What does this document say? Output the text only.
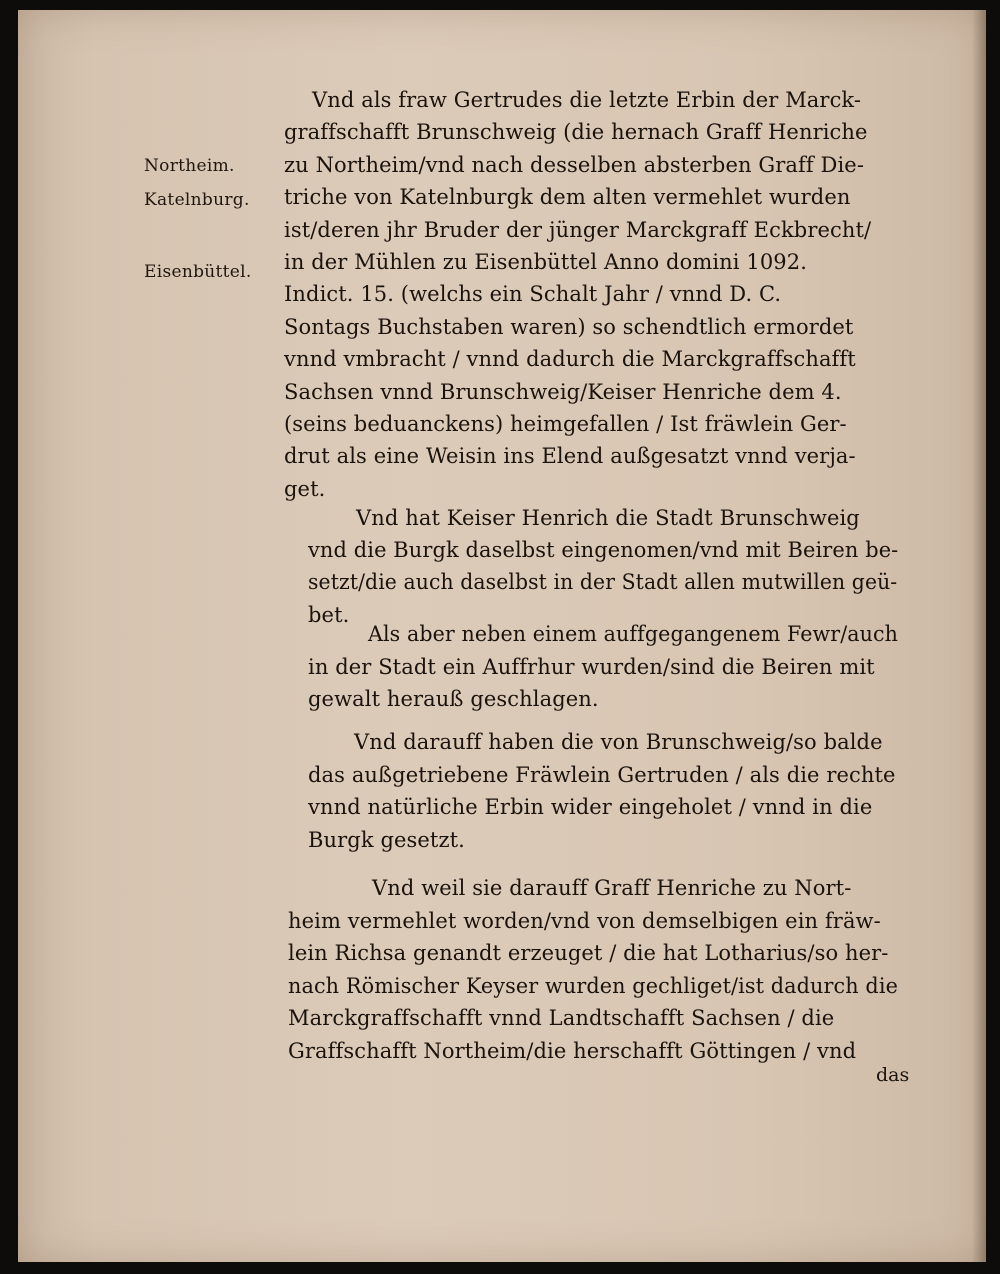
Northeim.
Katelnburg.
Eisenbüttel.
Vnd als fraw Gertrudes die letzte Erbin der Marck-
graffschafft Brunschweig (die hernach Graff Henriche
zu Northeim/vnd nach desselben absterben Graff Die-
triche von Katelnburgk dem alten vermehlet wurden
ist/deren jhr Bruder der jünger Marckgraff Eckbrecht/
in der Mühlen zu Eisenbüttel Anno domini 1092.
Indict. 15. (welchs ein Schalt Jahr / vnnd D. C.
Sontags Buchstaben waren) so schendtlich ermordet
vnnd vmbracht / vnnd dadurch die Marckgraffschafft
Sachsen vnnd Brunschweig/Keiser Henriche dem 4.
(seins beduanckens) heimgefallen / Ist fräwlein Ger-
drut als eine Weisin ins Elend außgesatzt vnnd verja-
get.
Vnd hat Keiser Henrich die Stadt Brunschweig
vnd die Burgk daselbst eingenomen/vnd mit Beiren be-
setzt/die auch daselbst in der Stadt allen mutwillen geü-
bet.
Als aber neben einem auffgegangenem Fewr/auch
in der Stadt ein Auffrhur wurden/sind die Beiren mit
gewalt herauß geschlagen.
Vnd darauff haben die von Brunschweig/so balde
das außgetriebene Fräwlein Gertruden / als die rechte
vnnd natürliche Erbin wider eingeholet / vnnd in die
Burgk gesetzt.
Vnd weil sie darauff Graff Henriche zu Nort-
heim vermehlet worden/vnd von demselbigen ein fräw-
lein Richsa genandt erzeuget / die hat Lotharius/so her-
nach Römischer Keyser wurden gechliget/ist dadurch die
Marckgraffschafft vnnd Landtschafft Sachsen / die
Graffschafft Northeim/die herschafft Göttingen / vnd
das
